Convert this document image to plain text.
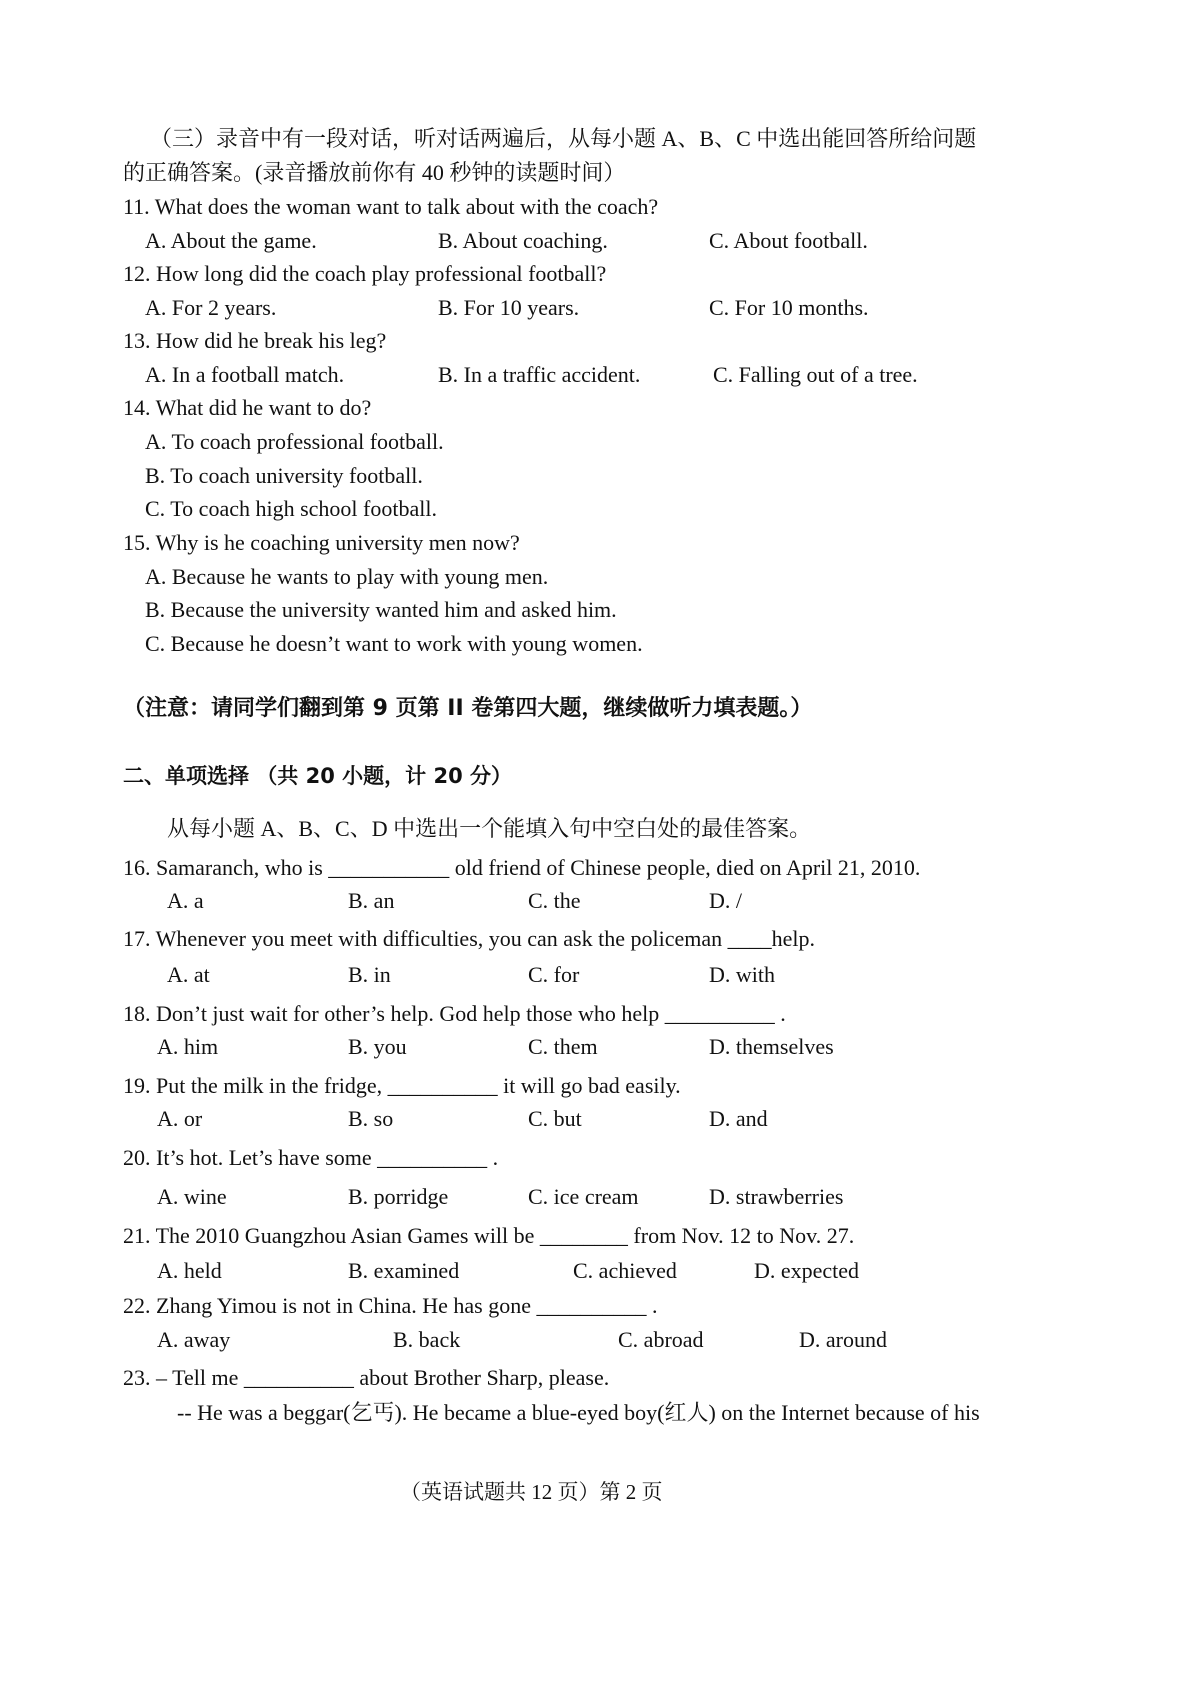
（三）录音中有一段对话，听对话两遍后，从每小题 A、B、C 中选出能回答所给问题
的正确答案。(录音播放前你有 40 秒钟的读题时间）
11. What does the woman want to talk about with the coach?
A. About the game.	B. About coaching.	C. About football.
12. How long did the coach play professional football?
A. For 2 years.	B. For 10 years.	C. For 10 months.
13. How did he break his leg?
A. In a football match.	B. In a traffic accident.	C. Falling out of a tree.
14. What did he want to do?
A. To coach professional football.
B. To coach university football.
C. To coach high school football.
15. Why is he coaching university men now?
A. Because he wants to play with young men.
B. Because the university wanted him and asked him.
C. Because he doesn’t want to work with young women.
（注意：请同学们翻到第 9 页第 II 卷第四大题，继续做听力填表题。）
二、单项选择 （共 20 小题，计 20 分）
从每小题 A、B、C、D 中选出一个能填入句中空白处的最佳答案。
16. Samaranch, who is ___________ old friend of Chinese people, died on April 21, 2010.
A. a	B. an	C. the	D. /
17. Whenever you meet with difficulties, you can ask the policeman ____help.
A. at	B. in	C. for	D. with
18. Don’t just wait for other’s help. God help those who help __________ .
A. him	B. you	C. them	D. themselves
19. Put the milk in the fridge, __________ it will go bad easily.
A. or	B. so	C. but	D. and
20. It’s hot. Let’s have some __________ .
A. wine	B. porridge	C. ice cream	D. strawberries
21. The 2010 Guangzhou Asian Games will be ________ from Nov. 12 to Nov. 27.
A. held	B. examined	C. achieved	D. expected
22. Zhang Yimou is not in China. He has gone __________ .
A. away	B. back	C. abroad	D. around
23. – Tell me __________ about Brother Sharp, please.
-- He was a beggar(乞丐). He became a blue-eyed boy(红人) on the Internet because of his
（英语试题共 12 页）第 2 页
